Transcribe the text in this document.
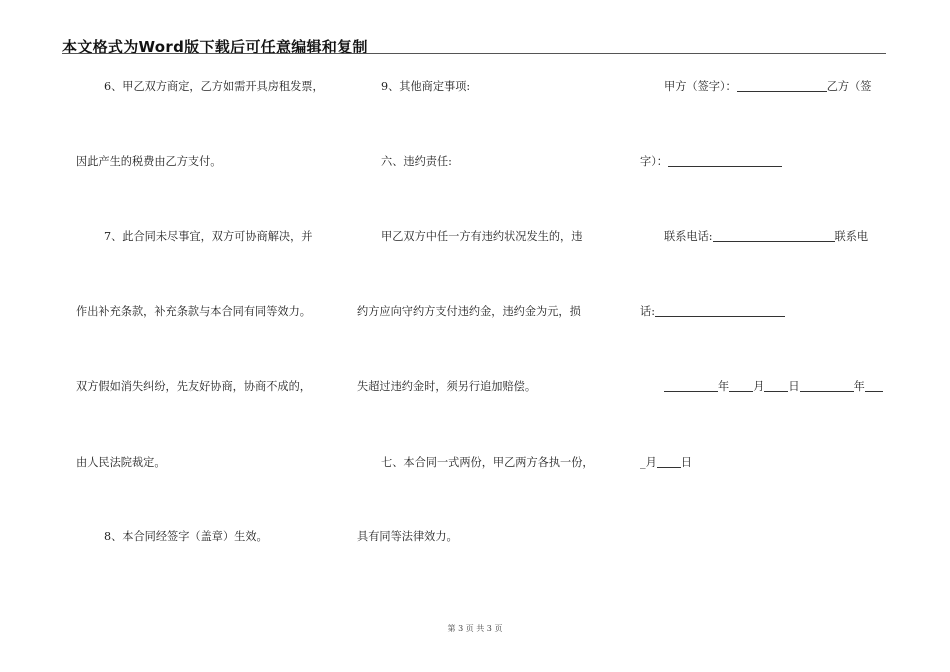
本文格式为Word版下载后可任意编辑和复制
6、甲乙双方商定，乙方如需开具房租发票，
因此产生的税费由乙方支付。
7、此合同未尽事宜，双方可协商解决，并
作出补充条款，补充条款与本合同有同等效力。
双方假如消失纠纷，先友好协商，协商不成的，
由人民法院裁定。
8、本合同经签字（盖章）生效。
9、其他商定事项:
六、违约责任:
甲乙双方中任一方有违约状况发生的，违
约方应向守约方支付违约金，违约金为元，损
失超过违约金时，须另行追加赔偿。
七、本合同一式两份，甲乙两方各执一份，
具有同等法律效力。
甲方（签字）：	乙方（签
字）：
联系电话:	联系电
话:
年 月 日	年
_月 日
第 3 页 共 3 页
